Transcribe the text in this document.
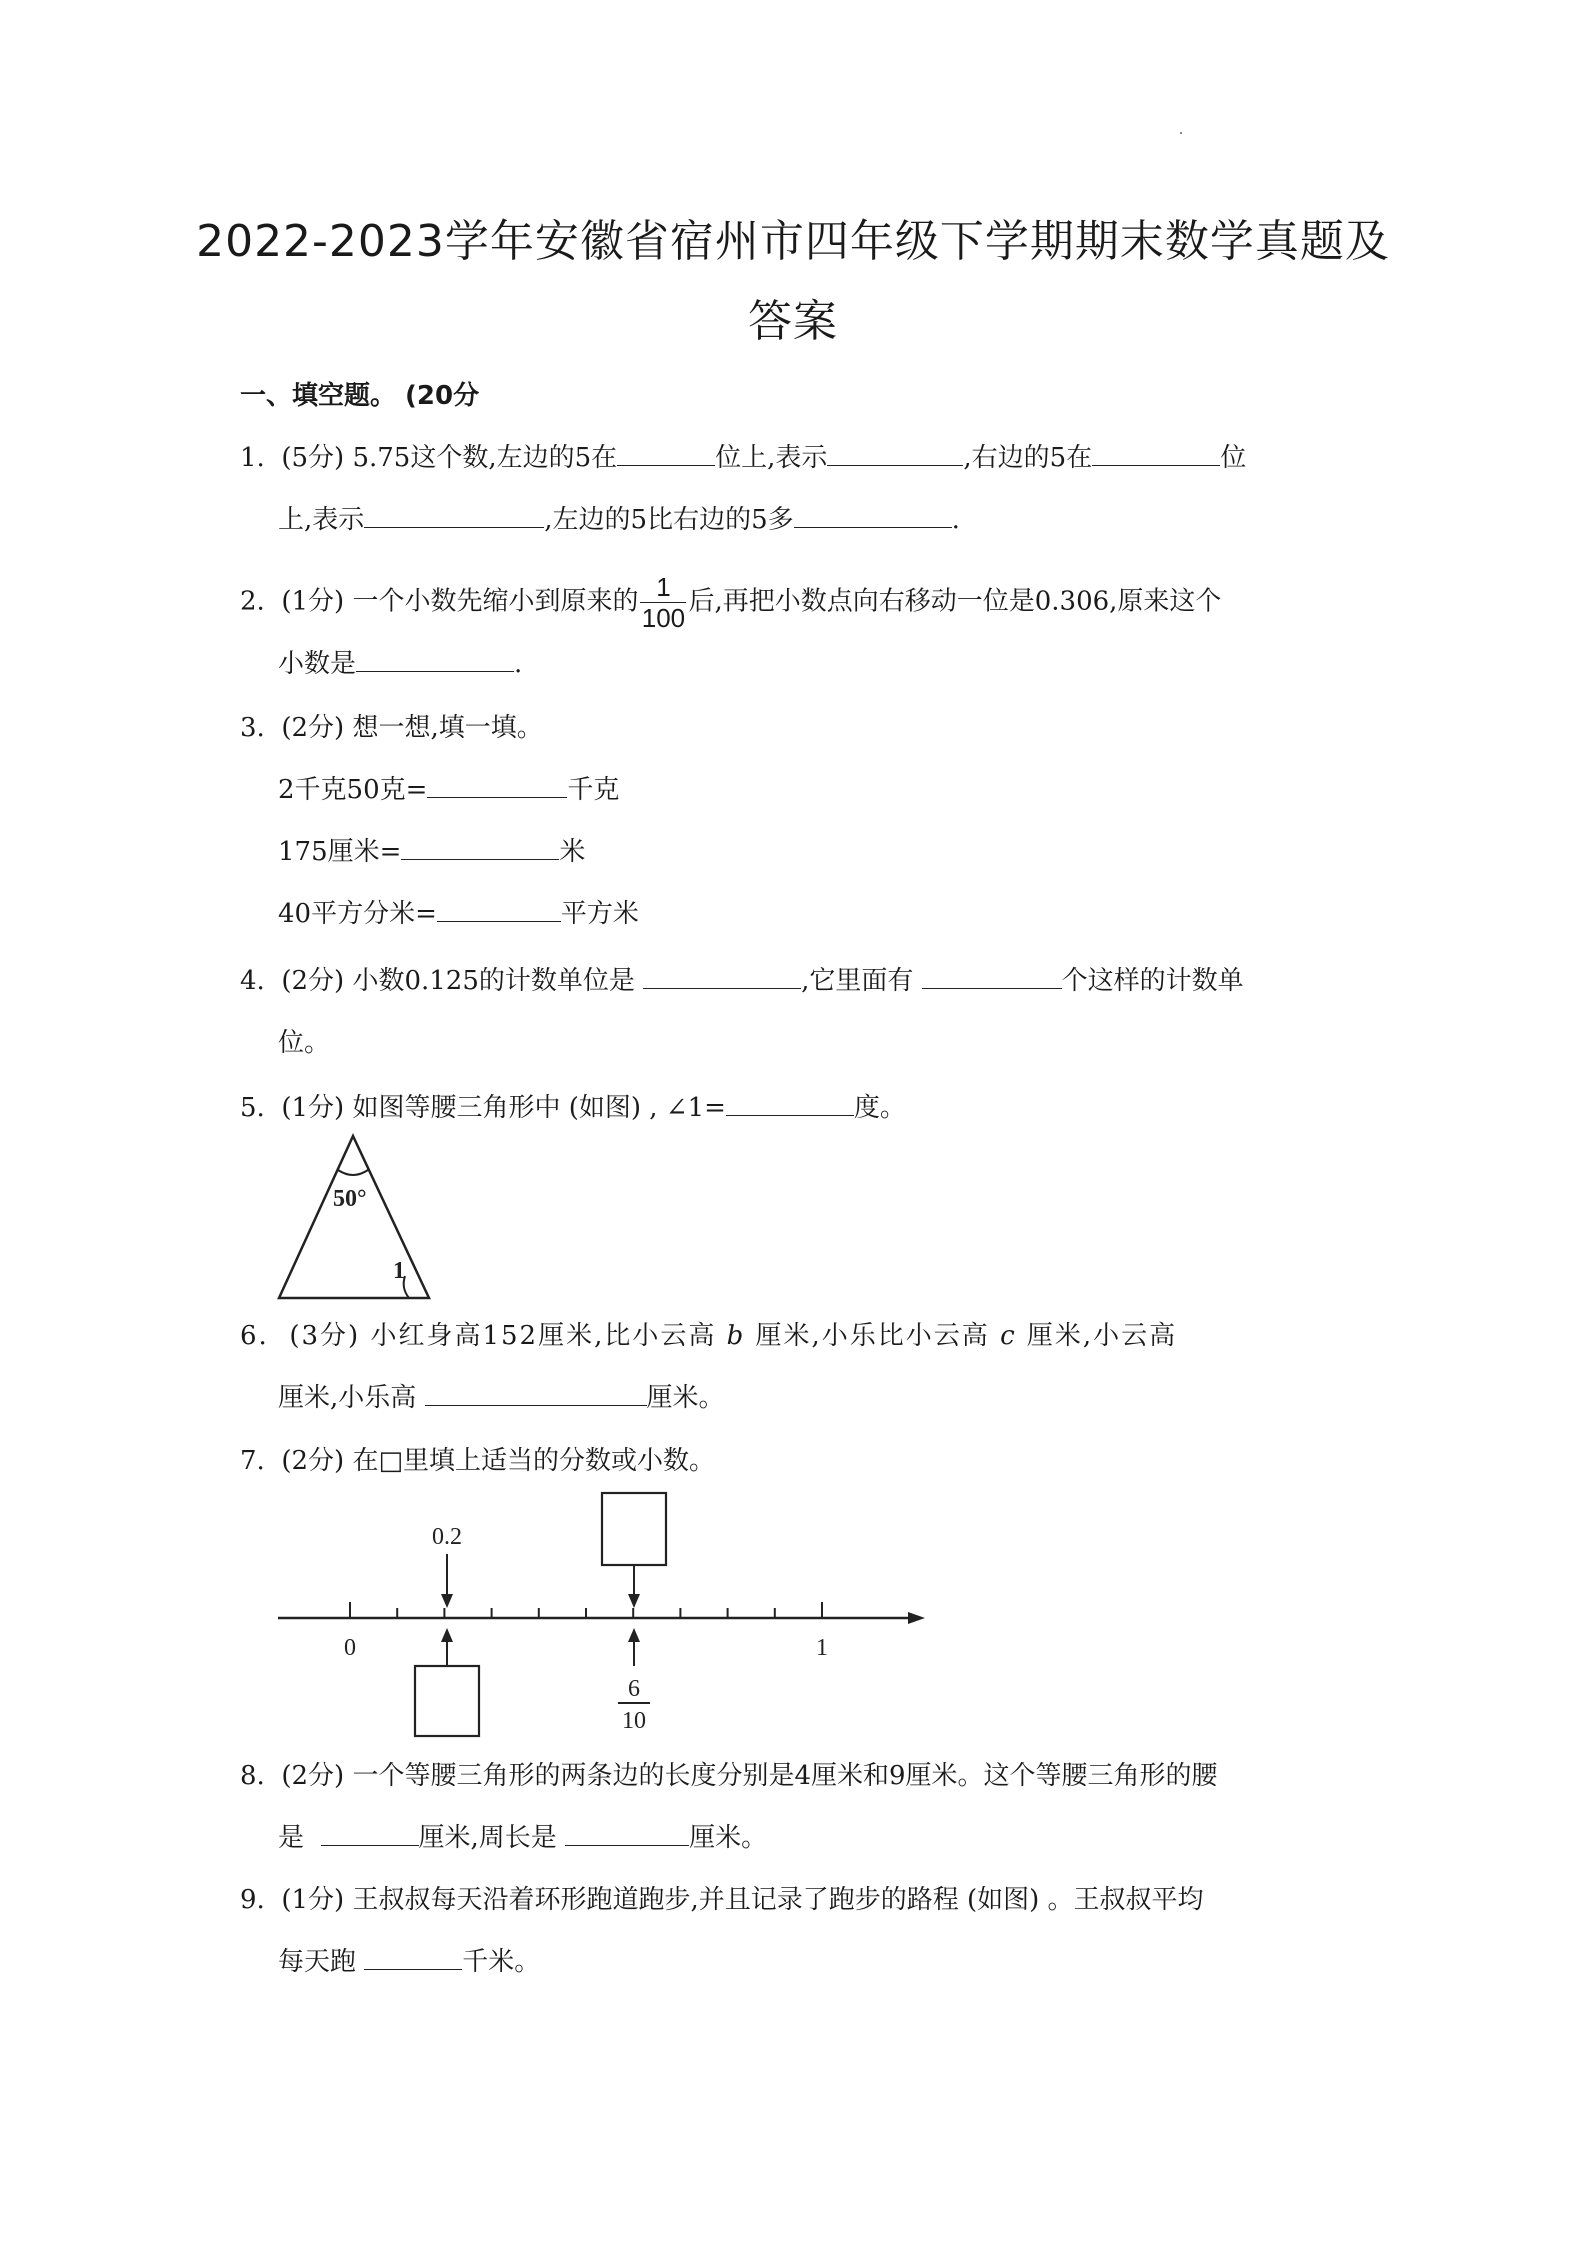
2022-2023学年安徽省宿州市四年级下学期期末数学真题及
答案
一、填空题。 (20分
1. (5分) 5.75这个数,左边的5在	位上,表示	,右边的5在	位
上,表示	,左边的5比右边的5多	.
2. (1分) 一个小数先缩小到原来的 $\frac{1}{100}$ 后,再把小数点向右移动一位是0.306,原来这个
小数是	.
3. (2分) 想一想,填一填。
2千克50克=	千克
175厘米=	米
40平方分米=	平方米
4. (2分) 小数0.125的计数单位是	,它里面有	个这样的计数单
位。
5. (1分) 如图等腰三角形中 (如图) , ∠1=	度。
50°
1
6. (3分) 小红身高152厘米,比小云高 b 厘米,小乐比小云高 c 厘米,小云高
厘米,小乐高	厘米。
7. (2分) 在□里填上适当的分数或小数。
0	1
0.2
6
10
8. (2分) 一个等腰三角形的两条边的长度分别是4厘米和9厘米。这个等腰三角形的腰
是	厘米,周长是	厘米。
9. (1分) 王叔叔每天沿着环形跑道跑步,并且记录了跑步的路程 (如图) 。王叔叔平均
每天跑	千米。
